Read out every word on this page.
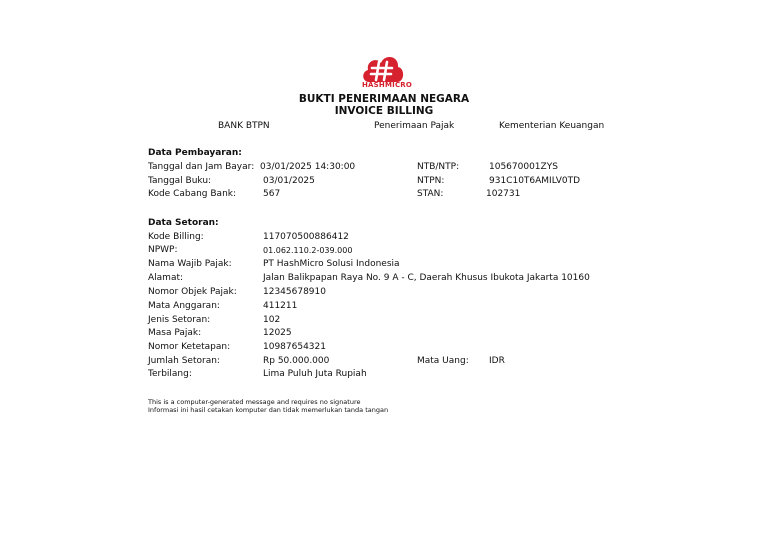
HASHMICRO
BUKTI PENERIMAAN NEGARA
INVOICE BILLING
BANK BTPN	Penerimaan Pajak	Kementerian Keuangan
Data Pembayaran:
Tanggal dan Jam Bayar: 03/01/2025 14:30:00	NTB/NTP:	105670001ZYS
Tanggal Buku:	03/01/2025	NTPN:	931C10T6AMILV0TD
Kode Cabang Bank:	567	STAN:	102731
Data Setoran:
Kode Billing:	117070500886412
NPWP:	01.062.110.2-039.000
Nama Wajib Pajak:	PT HashMicro Solusi Indonesia
Alamat:	Jalan Balikpapan Raya No. 9 A - C, Daerah Khusus Ibukota Jakarta 10160
Nomor Objek Pajak:	12345678910
Mata Anggaran:	411211
Jenis Setoran:	102
Masa Pajak:	12025
Nomor Ketetapan:	10987654321
Jumlah Setoran:	Rp 50.000.000	Mata Uang: IDR
Terbilang:	Lima Puluh Juta Rupiah
This is a computer-generated message and requires no signature
Informasi ini hasil cetakan komputer dan tidak memerlukan tanda tangan
